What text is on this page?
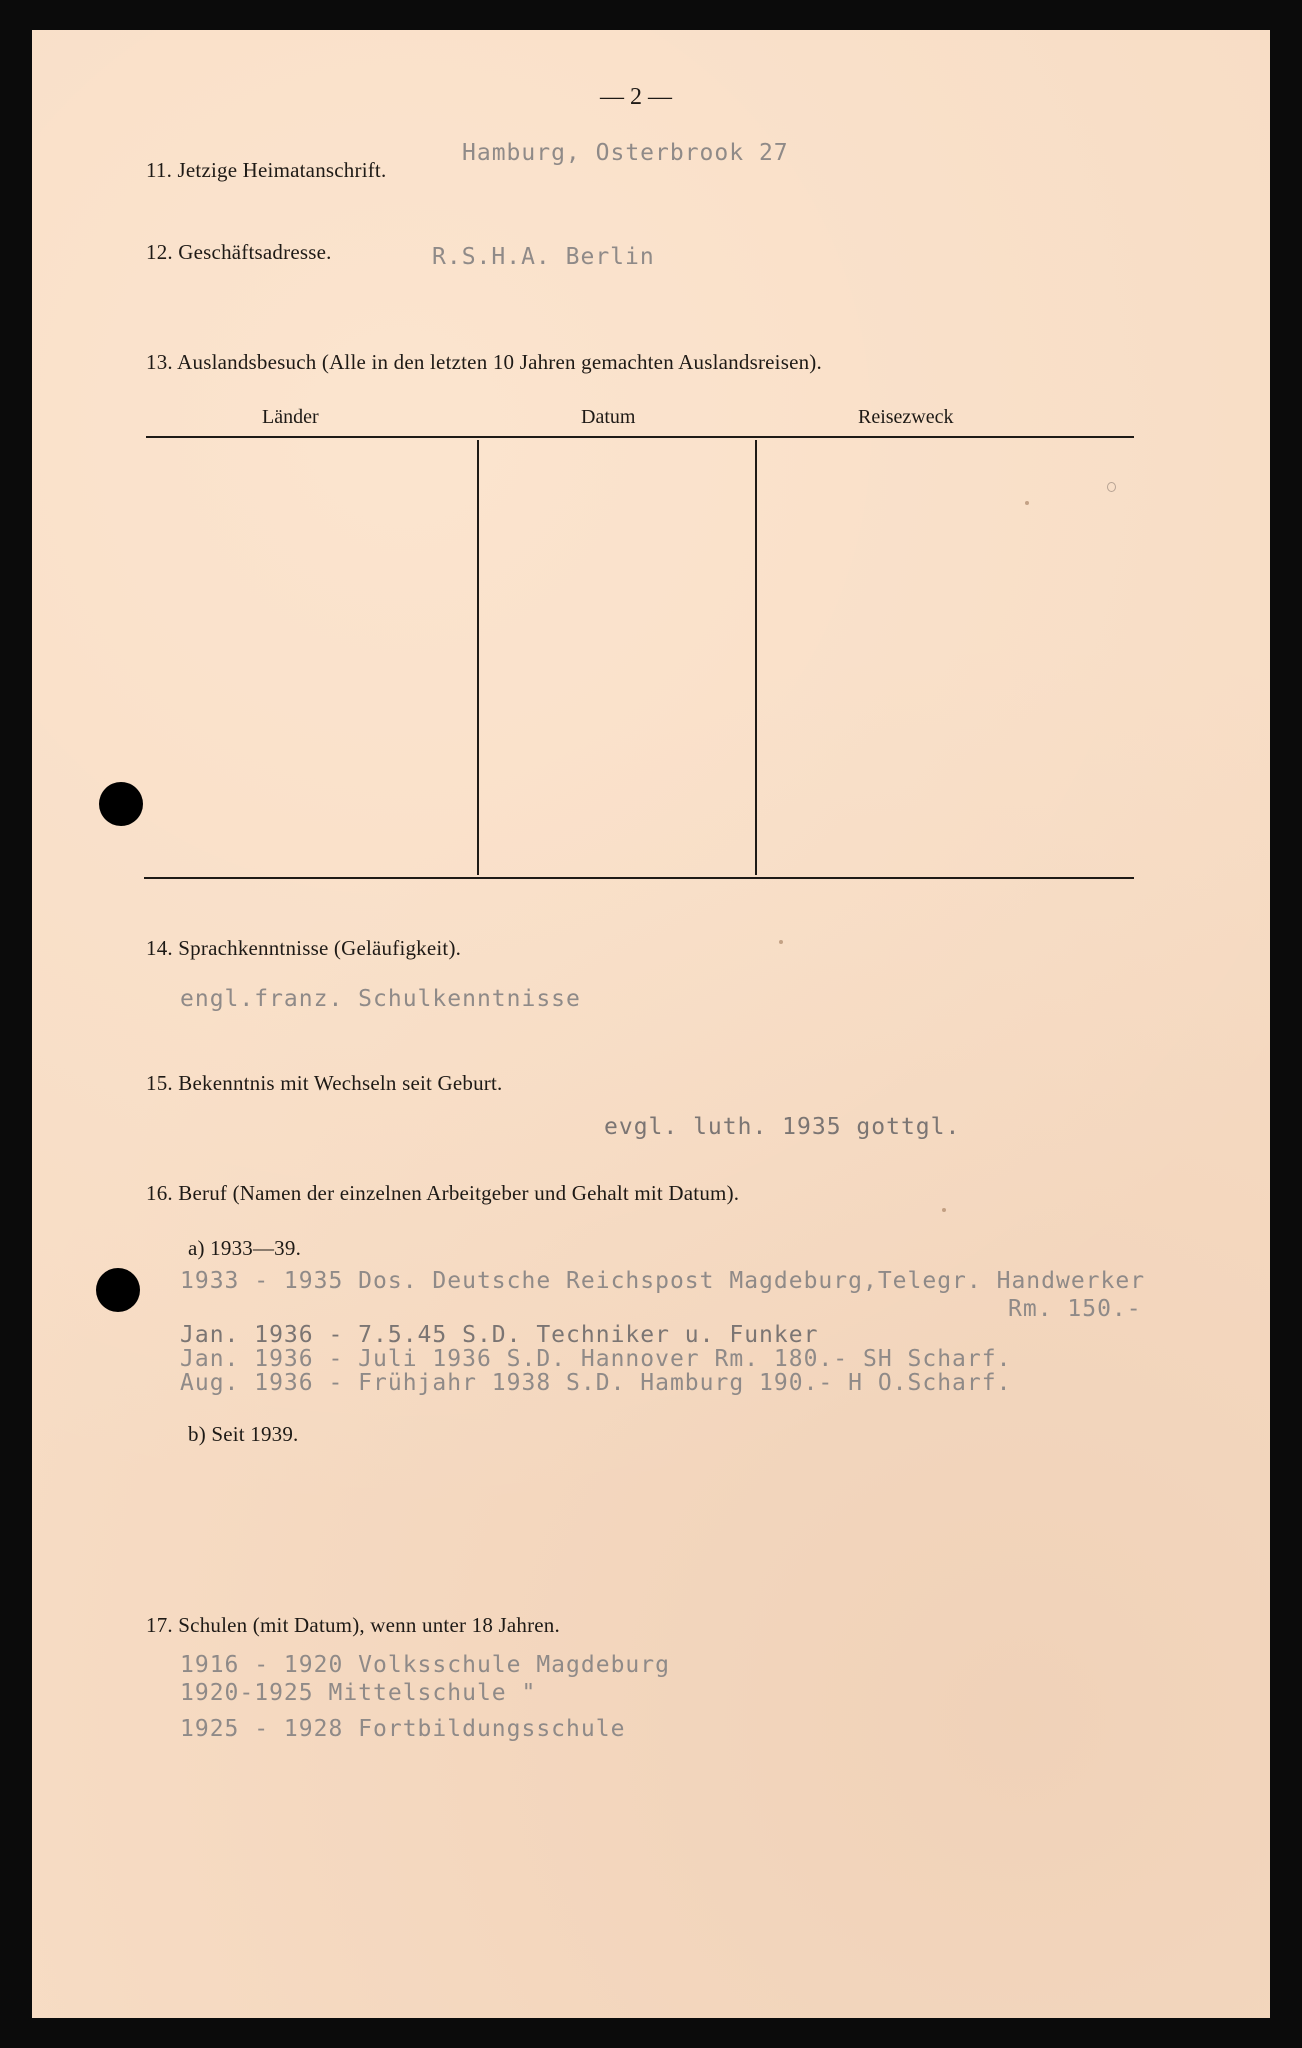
— 2 —
11. Jetzige Heimatanschrift.
Hamburg, Osterbrook 27
12. Geschäftsadresse.	R.S.H.A. Berlin
13. Auslandsbesuch (Alle in den letzten 10 Jahren gemachten Auslandsreisen).
Länder	Datum	Reisezweck
14. Sprachkenntnisse (Geläufigkeit).
engl.franz. Schulkenntnisse
15. Bekenntnis mit Wechseln seit Geburt.
evgl. luth. 1935 gottgl.
16. Beruf (Namen der einzelnen Arbeitgeber und Gehalt mit Datum).
a) 1933—39.
1933 - 1935 Dos. Deutsche Reichspost Magdeburg,Telegr. Handwerker
Rm. 150.-
Jan. 1936 - 7.5.45 S.D. Techniker u. Funker
Jan. 1936 - Juli 1936 S.D. Hannover Rm. 180.- SH Scharf.
Aug. 1936 - Frühjahr 1938 S.D. Hamburg 190.- H O.Scharf.
b) Seit 1939.
17. Schulen (mit Datum), wenn unter 18 Jahren.
1916 - 1920 Volksschule Magdeburg
1920-1925 Mittelschule "
1925 - 1928 Fortbildungsschule
